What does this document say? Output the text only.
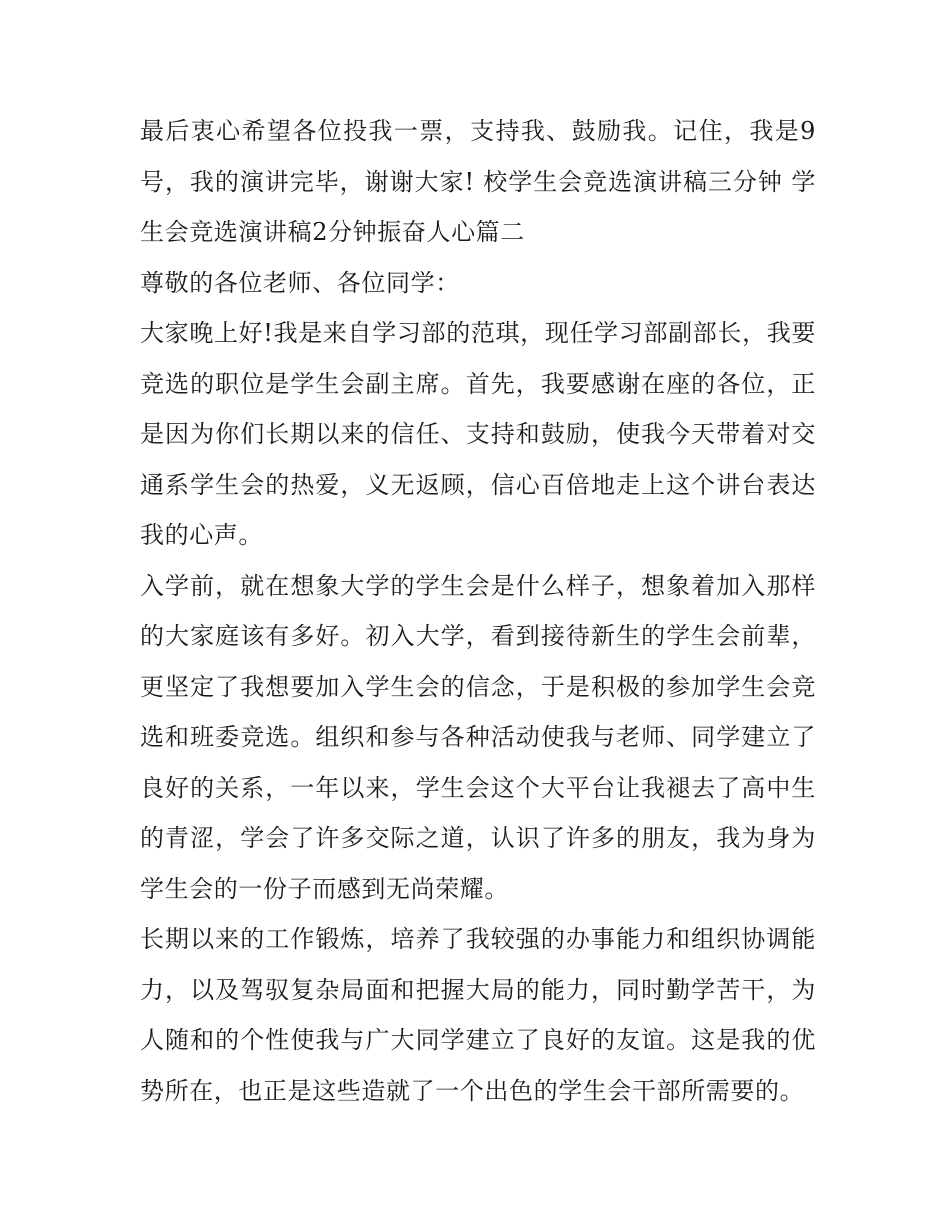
最后衷心希望各位投我一票，支持我、鼓励我。记住，我是9号，我的演讲完毕，谢谢大家! 校学生会竞选演讲稿三分钟 学生会竞选演讲稿2分钟振奋人心篇二

尊敬的各位老师、各位同学：

大家晚上好!我是来自学习部的范琪，现任学习部副部长，我要竞选的职位是学生会副主席。首先，我要感谢在座的各位，正是因为你们长期以来的信任、支持和鼓励，使我今天带着对交通系学生会的热爱，义无返顾，信心百倍地走上这个讲台表达我的心声。

入学前，就在想象大学的学生会是什么样子，想象着加入那样的大家庭该有多好。初入大学，看到接待新生的学生会前辈，更坚定了我想要加入学生会的信念，于是积极的参加学生会竞选和班委竞选。组织和参与各种活动使我与老师、同学建立了良好的关系，一年以来，学生会这个大平台让我褪去了高中生的青涩，学会了许多交际之道，认识了许多的朋友，我为身为学生会的一份子而感到无尚荣耀。

长期以来的工作锻炼，培养了我较强的办事能力和组织协调能力，以及驾驭复杂局面和把握大局的能力，同时勤学苦干，为人随和的个性使我与广大同学建立了良好的友谊。这是我的优势所在，也正是这些造就了一个出色的学生会干部所需要的。
